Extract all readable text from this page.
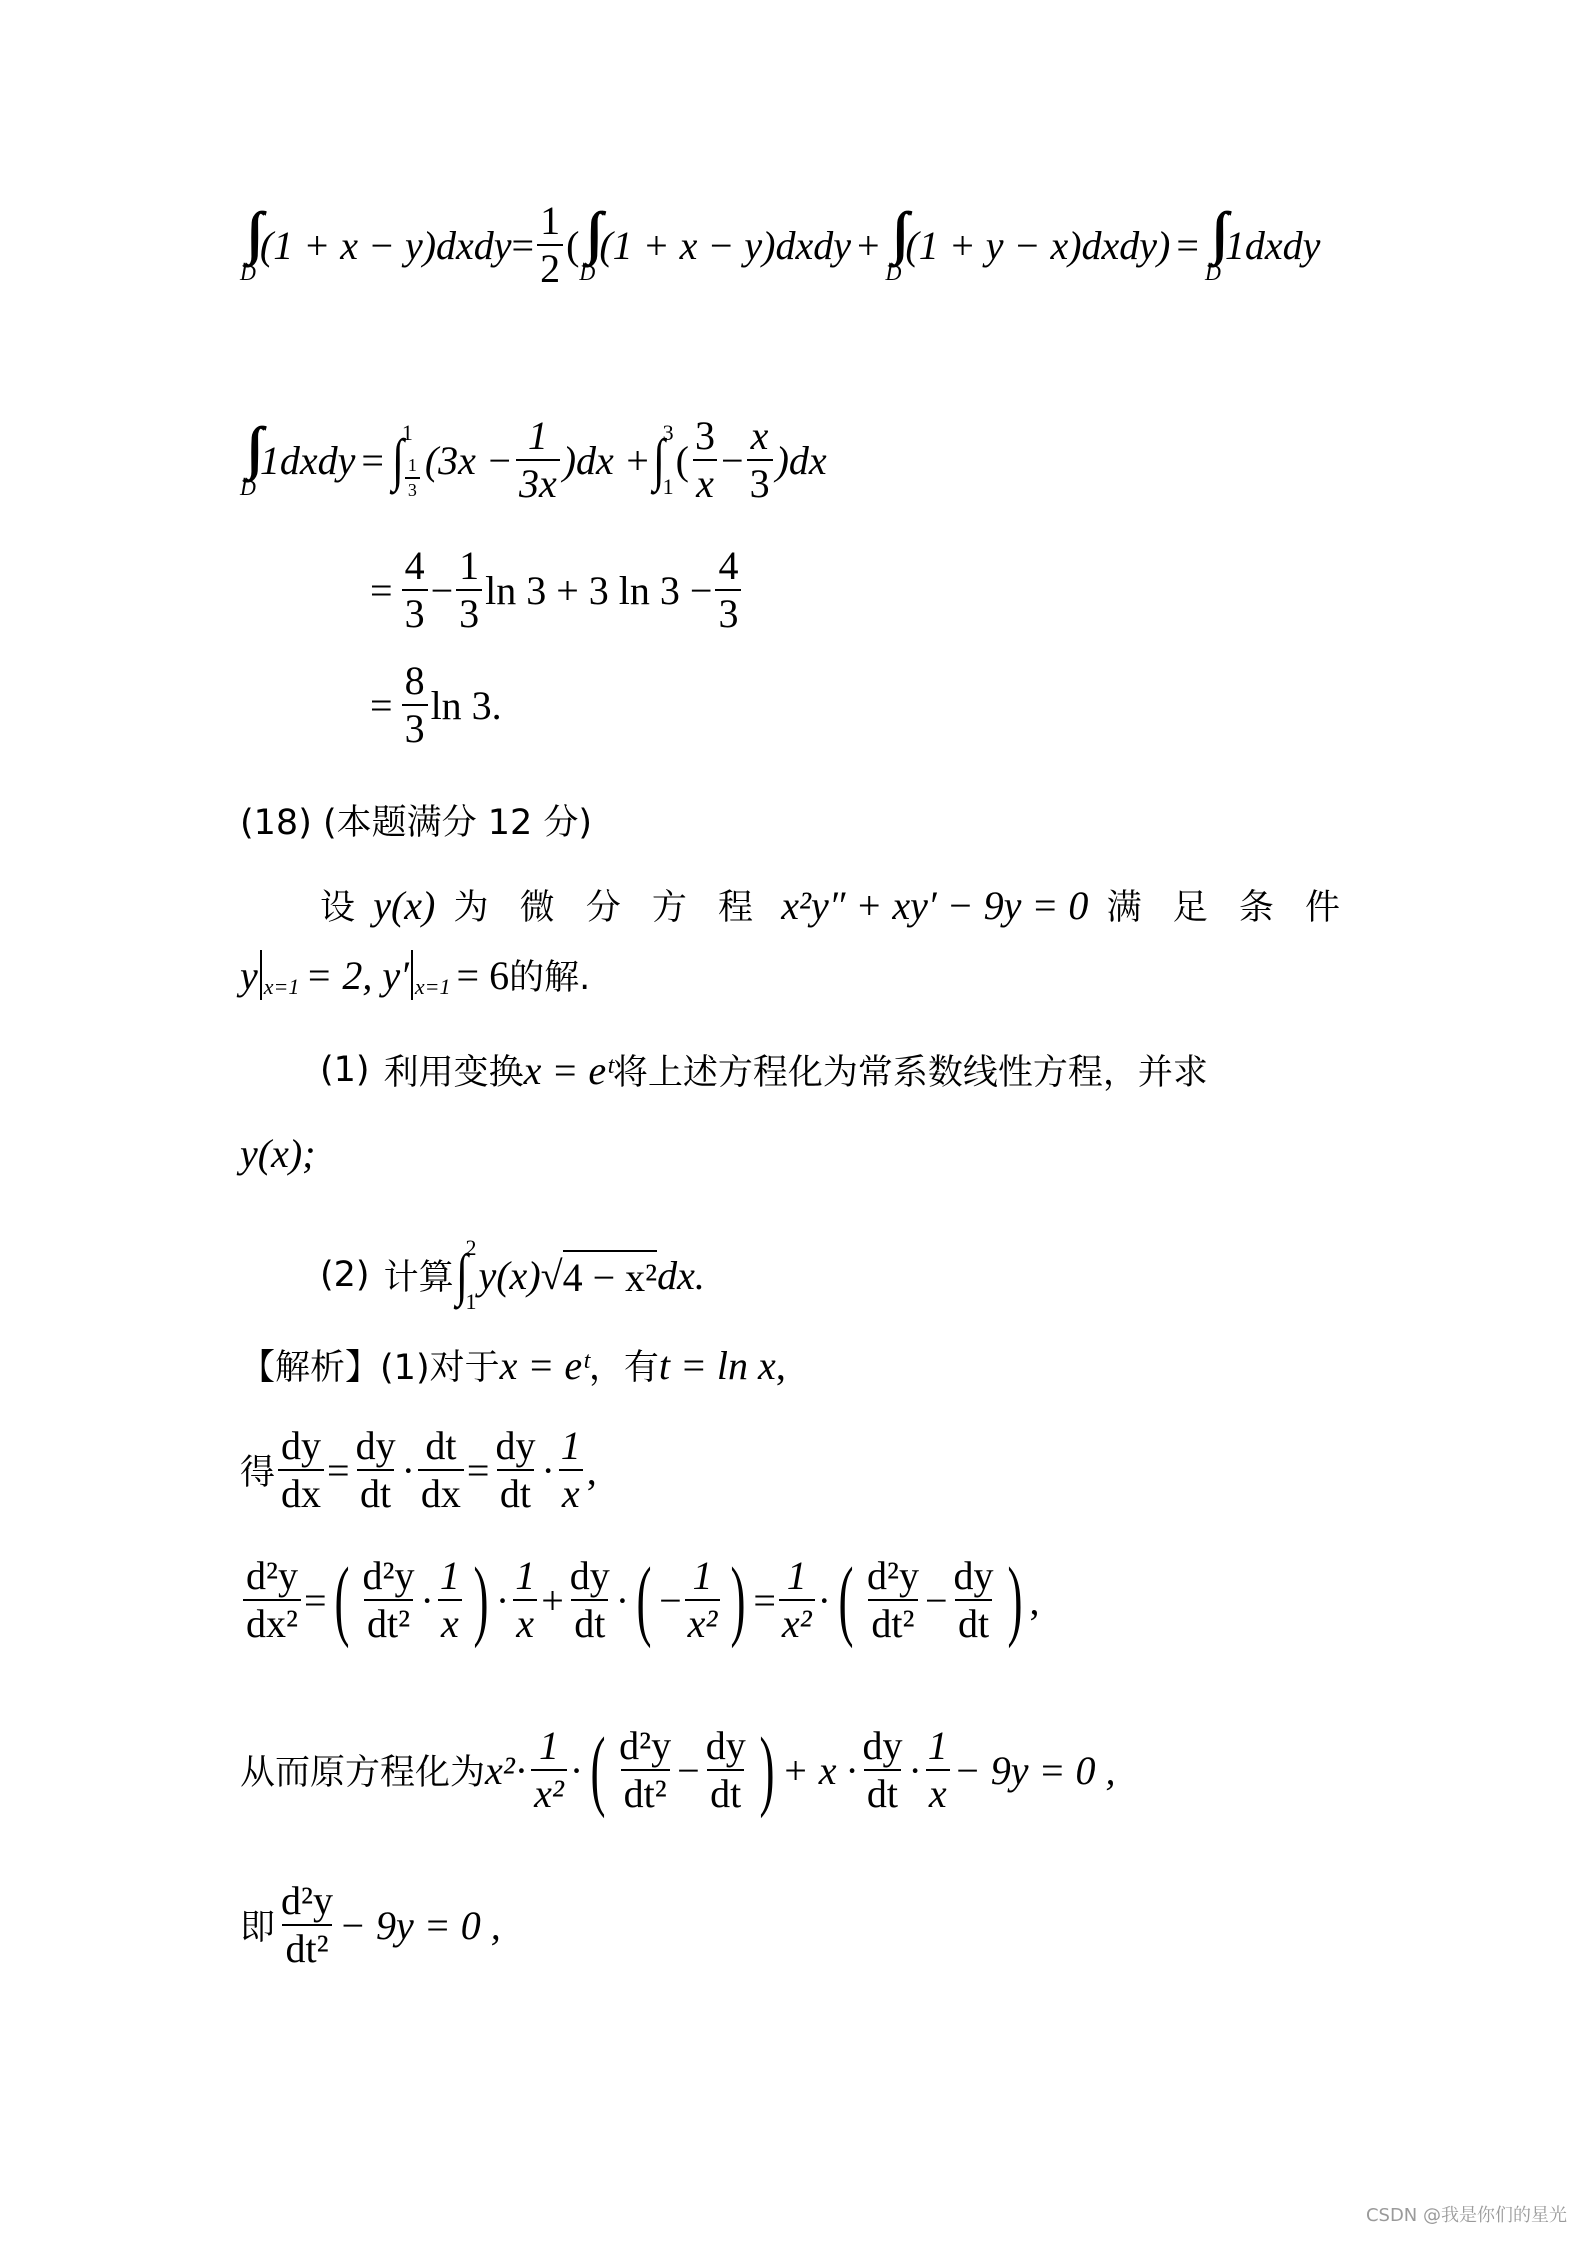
∫∫
D
(1 + x − y)dxdy = $\frac{1}{2}$ ( ∫∫
D
(1 + x − y)dxdy + ∫∫
D
(1 + y − x)dxdy) = ∫∫
D
1dxdy
∫∫
D
1dxdy = ∫
1
$\frac{1}{3} (3x - \frac{1}{3x} )dx$ + ∫
3
1
( $\frac{3}{x} - \frac{x}{3} )dx$
= $\frac{4}{3} - \frac{1}{3}$ ln 3 + 3 $\ln 3 - \frac{4}{3}$
= $\frac{8}{3}$ ln 3.
(18) (本题满分 12 分)
设 y(x) 为 微 分 方 程 x²y″ + xy′ − 9y = 0 满 足 条 件
y x=1 = 2, y′ x=1 = 6 的解.
(1) 利用变换 x = eᵗ 将上述方程化为常系数线性方程，并求
y(x);
(2) 计算 ∫
2
1
y(x) √ 4 − x² dx.
【解析】 (1)对于 x = eᵗ ，有 t = ln x ,
得 $\frac{dy}{dx} = \frac{dy}{dt} \cdot \frac{dt}{dx} = \frac{dy}{dt} \cdot \frac{1}{x}$ ,
$\frac{\text{d²y}}{\text{dx²}}$ = ( $\frac{\text{d²y}}{\text{dt²}} \cdot \frac{1}{x}$ ) · $\frac{1}{x} + \frac{dy}{dt}$ · ( − $\frac{1}{\text{x²}}$ ) = $\frac{1}{\text{x²}}$ · ( $\frac{\text{d²y}}{\text{dt²}} - \frac{dy}{dt}$ ) ,
从而原方程化为 $x^2 \cdot \frac{1}{\text{x²}}$ · ( $\frac{\text{d²y}}{\text{dt²}} - \frac{dy}{dt}$ ) + $x \cdot \frac{dy}{dt} \cdot \frac{1}{x} - 9y = 0$ ,
即 $\frac{\text{d²y}}{\text{dt²}} - 9y = 0$ ,
CSDN @我是你们的星光
